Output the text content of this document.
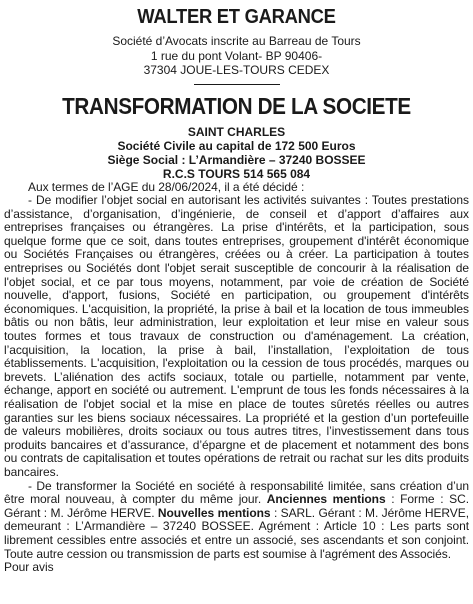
WALTER ET GARANCE

Société d’Avocats inscrite au Barreau de Tours

1 rue du pont Volant- BP 90406-

37304 JOUE-LES-TOURS CEDEX

TRANSFORMATION DE LA SOCIETE

SAINT CHARLES

Société Civile au capital de 172 500 Euros

Siège Social : L’Armandière – 37240 BOSSEE

R.C.S TOURS 514 565 084

Aux termes de l’AGE du 28/06/2024, il a été décidé :

- De modifier l’objet social en autorisant les activités suivantes : Toutes prestations d’assistance, d’organisation, d’ingénierie, de conseil et d’apport d’affaires aux entreprises françaises ou étrangères. La prise d'intérêts, et la participation, sous quelque forme que ce soit, dans toutes entreprises, groupement d'intérêt économique ou Sociétés Françaises ou étrangères, créées ou à créer. La participation à toutes entreprises ou Sociétés dont l'objet serait susceptible de concourir à la réalisation de l'objet social, et ce par tous moyens, notamment, par voie de création de Société nouvelle, d'apport, fusions, Société en participation, ou groupement d'intérêts économiques. L'acquisition, la propriété, la prise à bail et la location de tous immeubles bâtis ou non bâtis, leur administration, leur exploitation et leur mise en valeur sous toutes formes et tous travaux de construction ou d'aménagement. La création, l’acquisition, la location, la prise à bail, l’installation, l’exploitation de tous établissements. L'acquisition, l'exploitation ou la cession de tous procédés, marques ou brevets. L’aliénation des actifs sociaux, totale ou partielle, notamment par vente, échange, apport en société ou autrement. L'emprunt de tous les fonds nécessaires à la réalisation de l'objet social et la mise en place de toutes sûretés réelles ou autres garanties sur les biens sociaux nécessaires. La propriété et la gestion d’un portefeuille de valeurs mobilières, droits sociaux ou tous autres titres, l’investissement dans tous produits bancaires et d’assurance, d’épargne et de placement et notamment des bons ou contrats de capitalisation et toutes opérations de retrait ou rachat sur les dits produits bancaires.

- De transformer la Société en société à responsabilité limitée, sans création d’un être moral nouveau, à compter du même jour. Anciennes mentions : Forme : SC. Gérant : M. Jérôme HERVE. Nouvelles mentions : SARL. Gérant : M. Jérôme HERVE, demeurant : L’Armandière – 37240 BOSSEE. Agrément : Article 10 : Les parts sont librement cessibles entre associés et entre un associé, ses ascendants et son conjoint. Toute autre cession ou transmission de parts est soumise à l'agrément des Associés.

Pour avis
